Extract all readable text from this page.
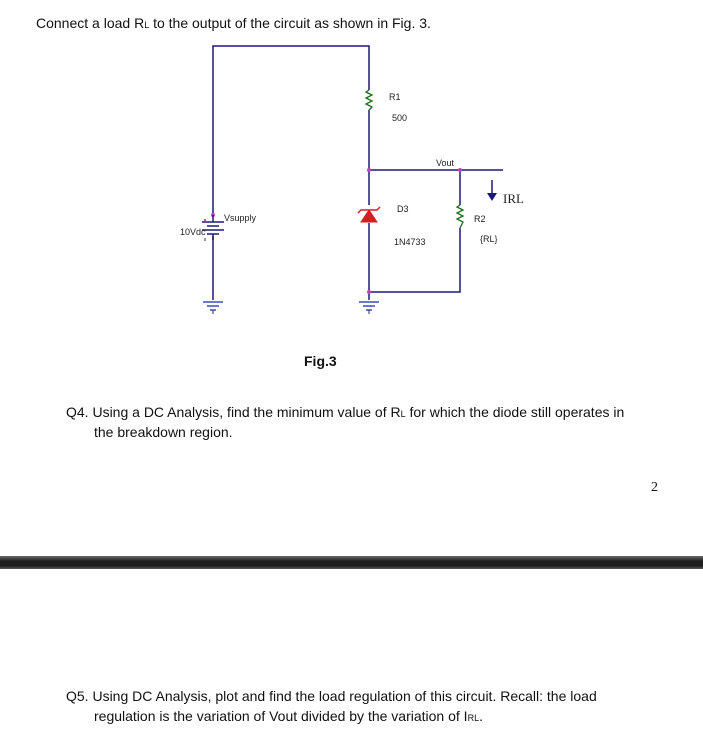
Connect a load RL to the output of the circuit as shown in Fig. 3.
R1
500
Vout
IRL
D3
1N4733
R2
{RL}
Vsupply
10Vdc
Fig.3
Q4. Using a DC Analysis, find the minimum value of RL for which the diode still operates in
the breakdown region.
2
Q5. Using DC Analysis, plot and find the load regulation of this circuit. Recall: the load
regulation is the variation of Vout divided by the variation of IRL.
